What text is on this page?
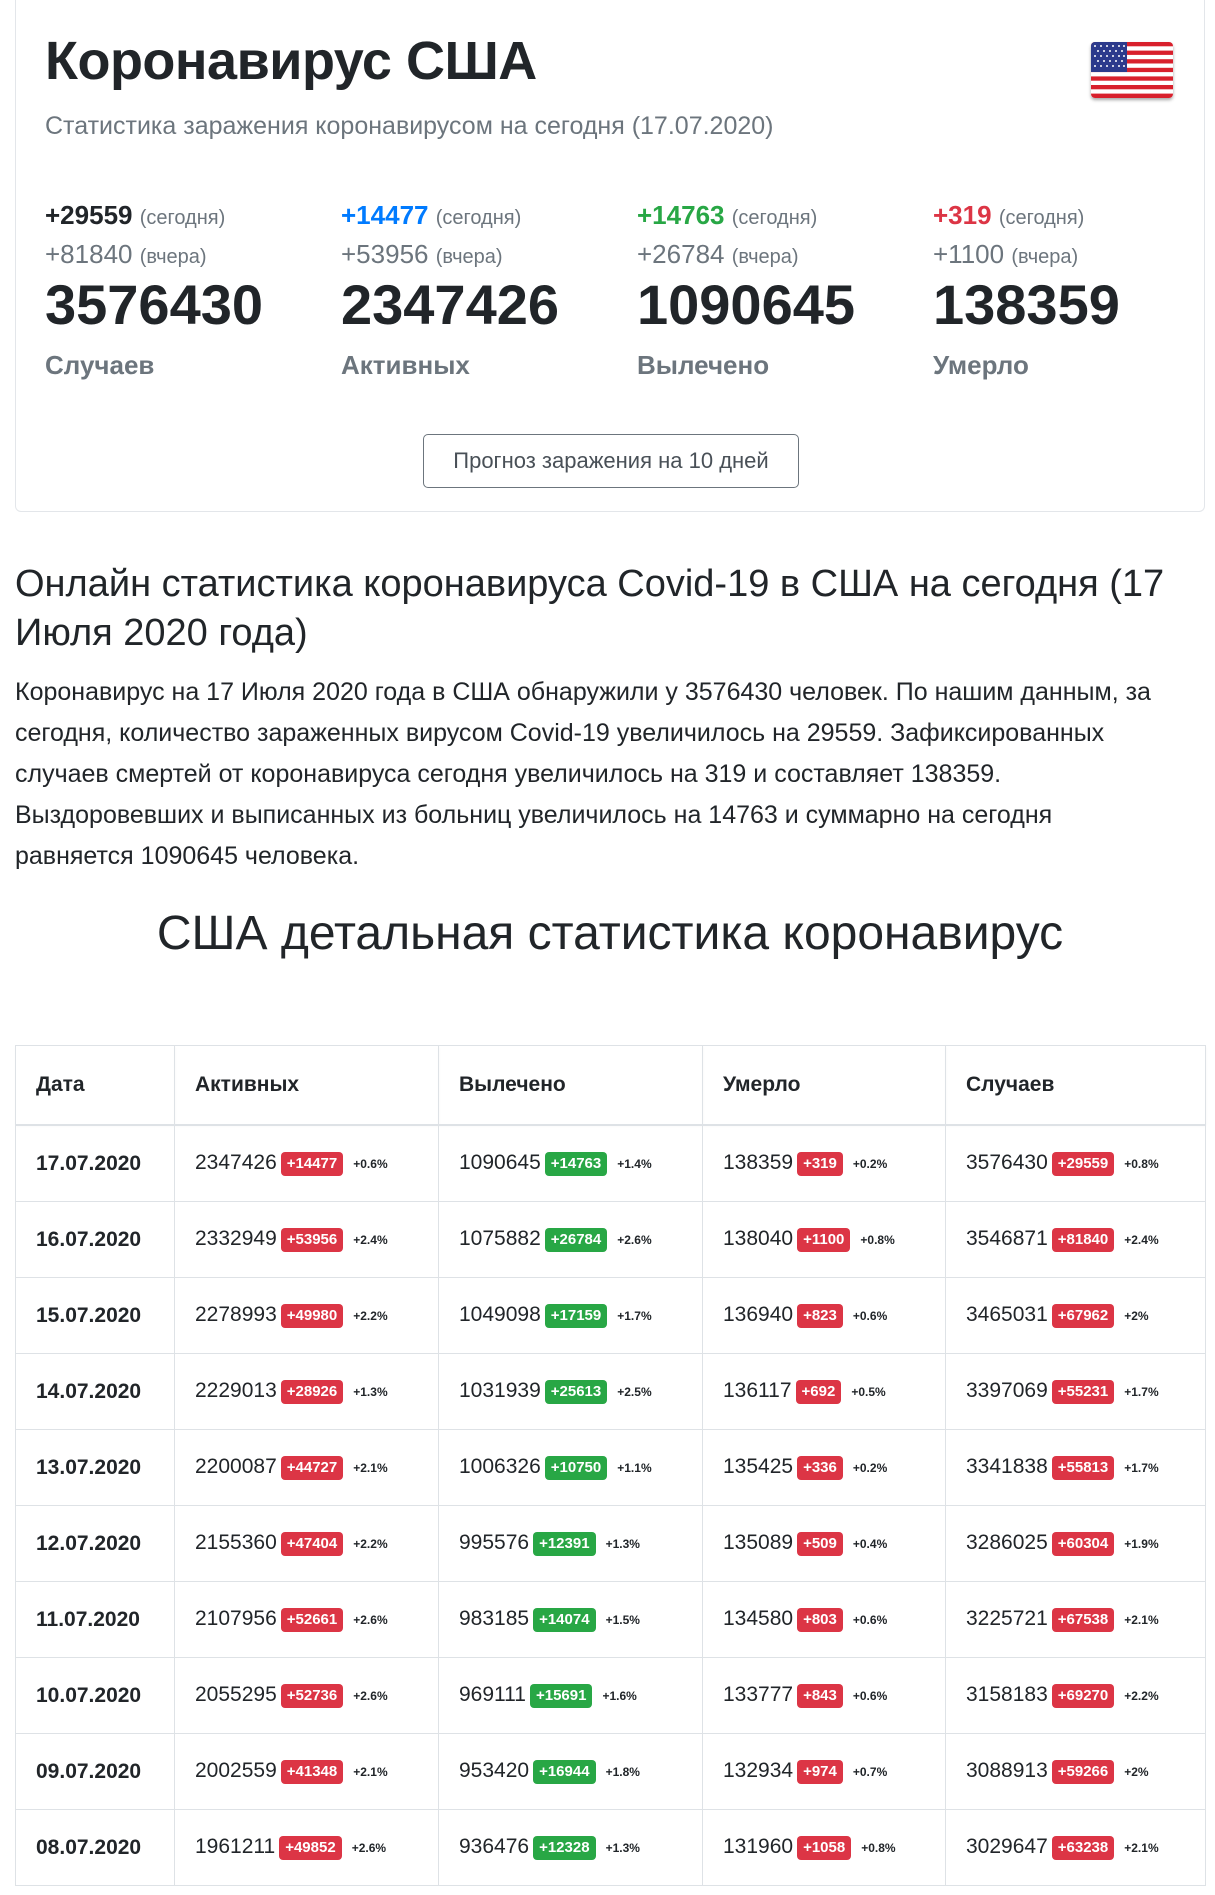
Коронавирус США
Статистика заражения коронавирусом на сегодня (17.07.2020)
+29559 (сегодня)
+81840 (вчера)
3576430
Случаев
+14477 (сегодня)
+53956 (вчера)
2347426
Активных
+14763 (сегодня)
+26784 (вчера)
1090645
Вылечено
+319 (сегодня)
+1100 (вчера)
138359
Умерло
Прогноз заражения на 10 дней
Онлайн статистика коронавируса Covid-19 в США на сегодня (17 Июля 2020 года)

Коронавирус на 17 Июля 2020 года в США обнаружили у 3576430 человек. По нашим данным, за сегодня, количество зараженных вирусом Covid-19 увеличилось на 29559. Зафиксированных случаев смертей от коронавируса сегодня увеличилось на 319 и составляет 138359. Выздоровевших и выписанных из больниц увеличилось на 14763 и суммарно на сегодня равняется 1090645 человека.

США детальная статистика коронавирус
Дата	Активных	Вылечено	Умерло	Случаев
17.07.2020	2347426 +14477 +0.6%	1090645 +14763 +1.4%	138359 +319 +0.2%	3576430 +29559 +0.8%
16.07.2020	2332949 +53956 +2.4%	1075882 +26784 +2.6%	138040 +1100 +0.8%	3546871 +81840 +2.4%
15.07.2020	2278993 +49980 +2.2%	1049098 +17159 +1.7%	136940 +823 +0.6%	3465031 +67962 +2%
14.07.2020	2229013 +28926 +1.3%	1031939 +25613 +2.5%	136117 +692 +0.5%	3397069 +55231 +1.7%
13.07.2020	2200087 +44727 +2.1%	1006326 +10750 +1.1%	135425 +336 +0.2%	3341838 +55813 +1.7%
12.07.2020	2155360 +47404 +2.2%	995576 +12391 +1.3%	135089 +509 +0.4%	3286025 +60304 +1.9%
11.07.2020	2107956 +52661 +2.6%	983185 +14074 +1.5%	134580 +803 +0.6%	3225721 +67538 +2.1%
10.07.2020	2055295 +52736 +2.6%	969111 +15691 +1.6%	133777 +843 +0.6%	3158183 +69270 +2.2%
09.07.2020	2002559 +41348 +2.1%	953420 +16944 +1.8%	132934 +974 +0.7%	3088913 +59266 +2%
08.07.2020	1961211 +49852 +2.6%	936476 +12328 +1.3%	131960 +1058 +0.8%	3029647 +63238 +2.1%
